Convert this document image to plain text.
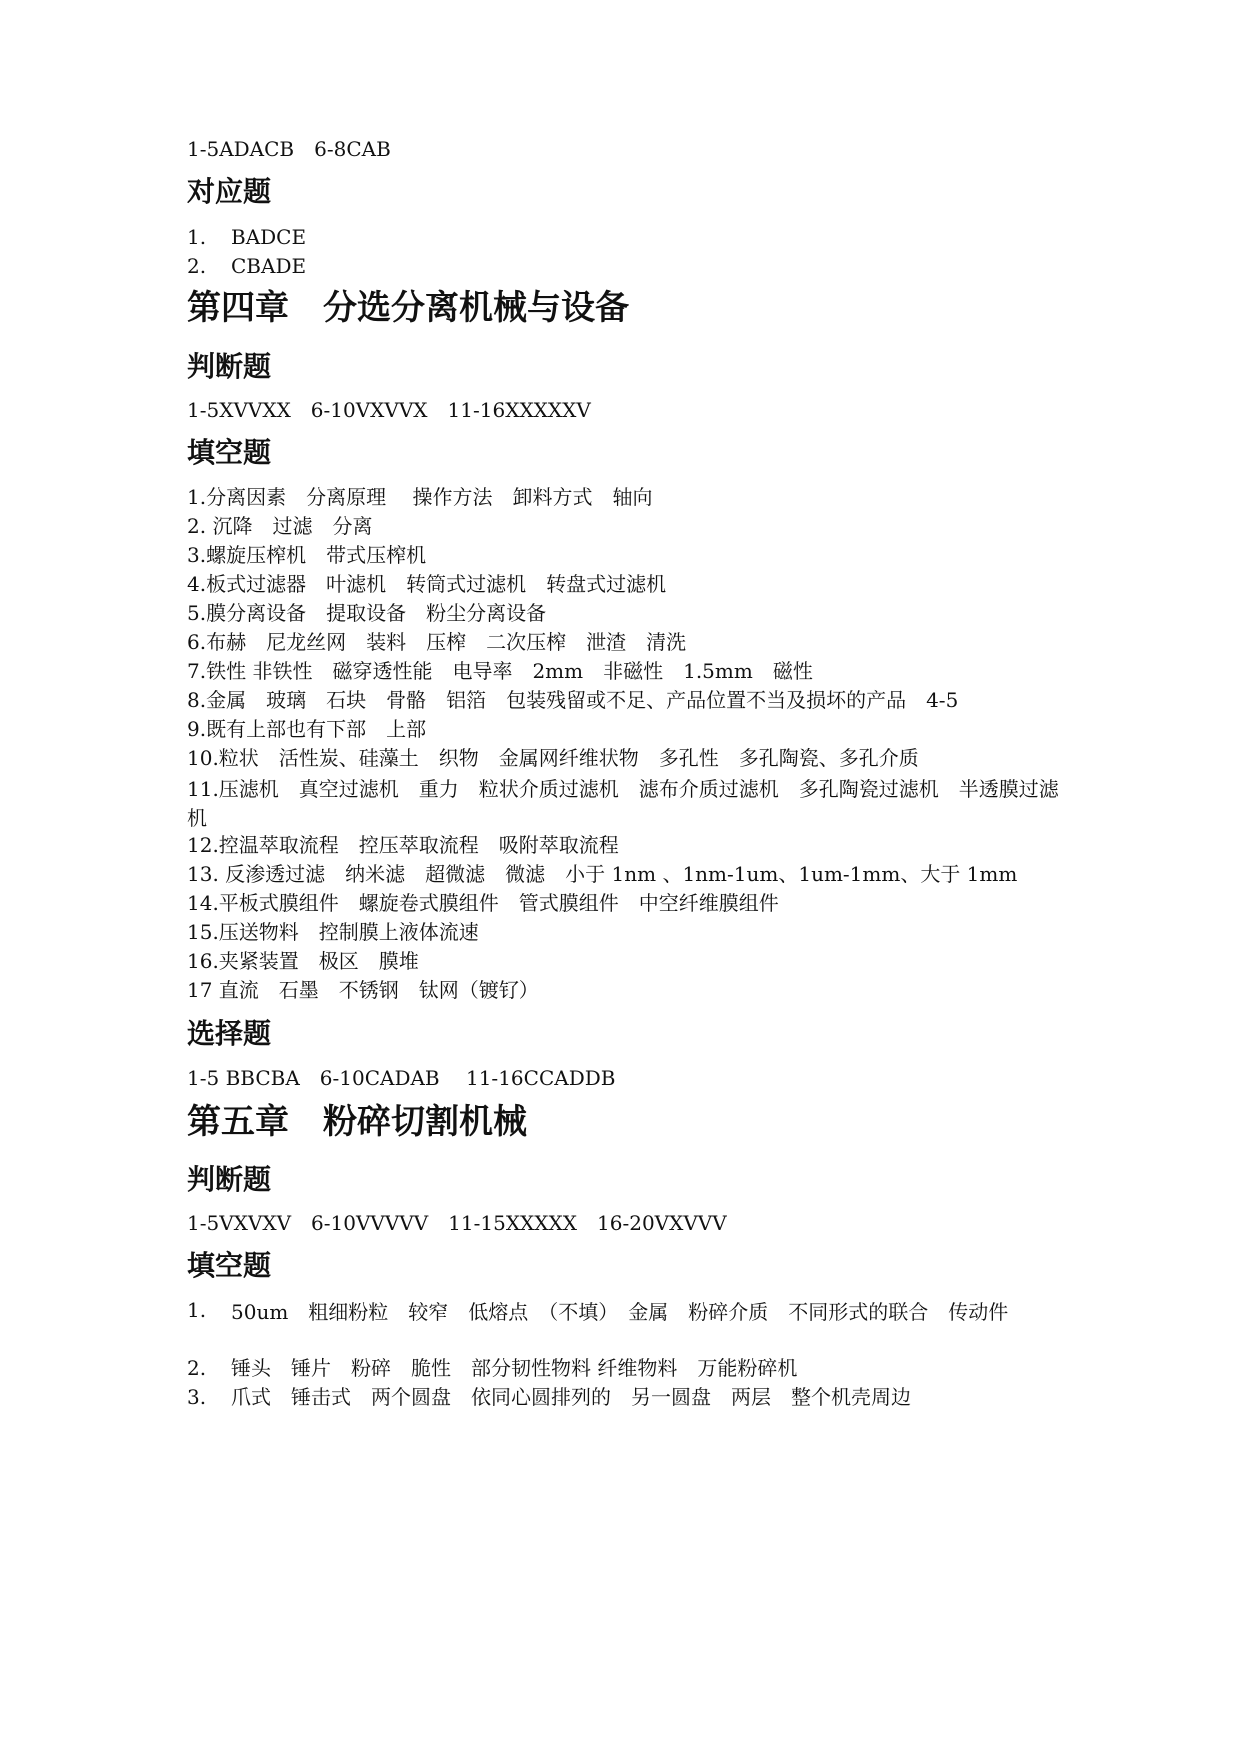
1-5ADACB　6-8CAB
对应题
1. BADCE
2. CBADE
第四章　分选分离机械与设备
判断题
1-5XVVXX　6-10VXVVX　11-16XXXXXV
填空题
1.分离因素　分离原理　 操作方法　卸料方式　轴向
2. 沉降　过滤　分离
3.螺旋压榨机　带式压榨机
4.板式过滤器　叶滤机　转筒式过滤机　转盘式过滤机
5.膜分离设备　提取设备　粉尘分离设备
6.布赫　尼龙丝网　装料　压榨　二次压榨　泄渣　清洗
7.铁性 非铁性　磁穿透性能　电导率　2mm　非磁性　1.5mm　磁性
8.金属　玻璃　石块　骨骼　铝箔　包装残留或不足、产品位置不当及损坏的产品　4-5
9.既有上部也有下部　上部
10.粒状　活性炭、硅藻土　织物　金属网纤维状物　多孔性　多孔陶瓷、多孔介质
11.压滤机　真空过滤机　重力　粒状介质过滤机　滤布介质过滤机　多孔陶瓷过滤机　半透膜过滤机
12.控温萃取流程　控压萃取流程　吸附萃取流程
13. 反渗透过滤　纳米滤　超微滤　微滤　小于 1nm 、1nm-1um、1um-1mm、大于 1mm
14.平板式膜组件　螺旋卷式膜组件　管式膜组件　中空纤维膜组件
15.压送物料　控制膜上液体流速
16.夹紧装置　极区　膜堆
17 直流　石墨　不锈钢　钛网（镀钌）
选择题
1-5 BBCBA　6-10CADAB　 11-16CCADDB
第五章　粉碎切割机械
判断题
1-5VXVXV　6-10VVVVV　11-15XXXXX　16-20VXVVV
填空题
1. 50um　粗细粉粒　较窄　低熔点　（不填）　金属　粉碎介质　不同形式的联合　传动件
2. 锤头　锤片　粉碎　脆性　部分韧性物料 纤维物料　万能粉碎机
3. 爪式　锤击式　两个圆盘　依同心圆排列的　另一圆盘　两层　整个机壳周边
